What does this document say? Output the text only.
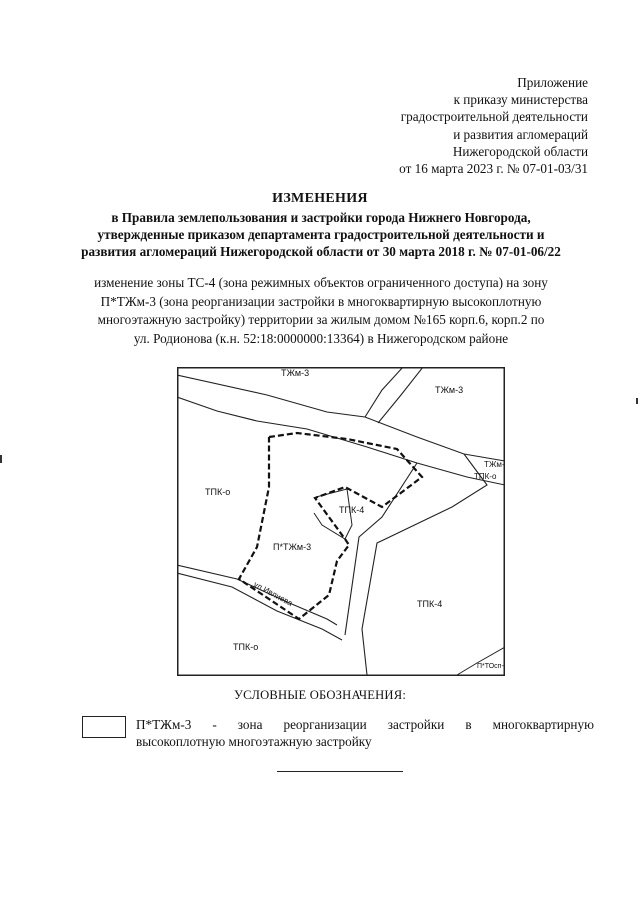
Приложение
к приказу министерства
градостроительной деятельности
и развития агломераций
Нижегородской области
от 16 марта 2023 г. № 07-01-03/31
ИЗМЕНЕНИЯ
в Правила землепользования и застройки города Нижнего Новгорода,
утвержденные приказом департамента градостроительной деятельности и
развития агломераций Нижегородской области от 30 марта 2018 г. № 07-01-06/22
изменение зоны ТС-4 (зона режимных объектов ограниченного доступа) на зону
П*ТЖм-3 (зона реорганизации застройки в многоквартирную высокоплотную
многоэтажную застройку) территории за жилым домом №165 корп.6, корп.2 по
ул. Родионова (к.н. 52:18:0000000:13364) в Нижегородском районе
ТЖм-3
ТЖм-3
ТЖм-
ТПК-о
ТПК-4
П*ТЖм-3
ТПК-о
ул.Ивлиева	ТПК-4
ТПК-о
П*ТОсп-
УСЛОВНЫЕ ОБОЗНАЧЕНИЯ:
П*ТЖм-3 - зона реорганизации застройки в многоквартирную
высокоплотную многоэтажную застройку
